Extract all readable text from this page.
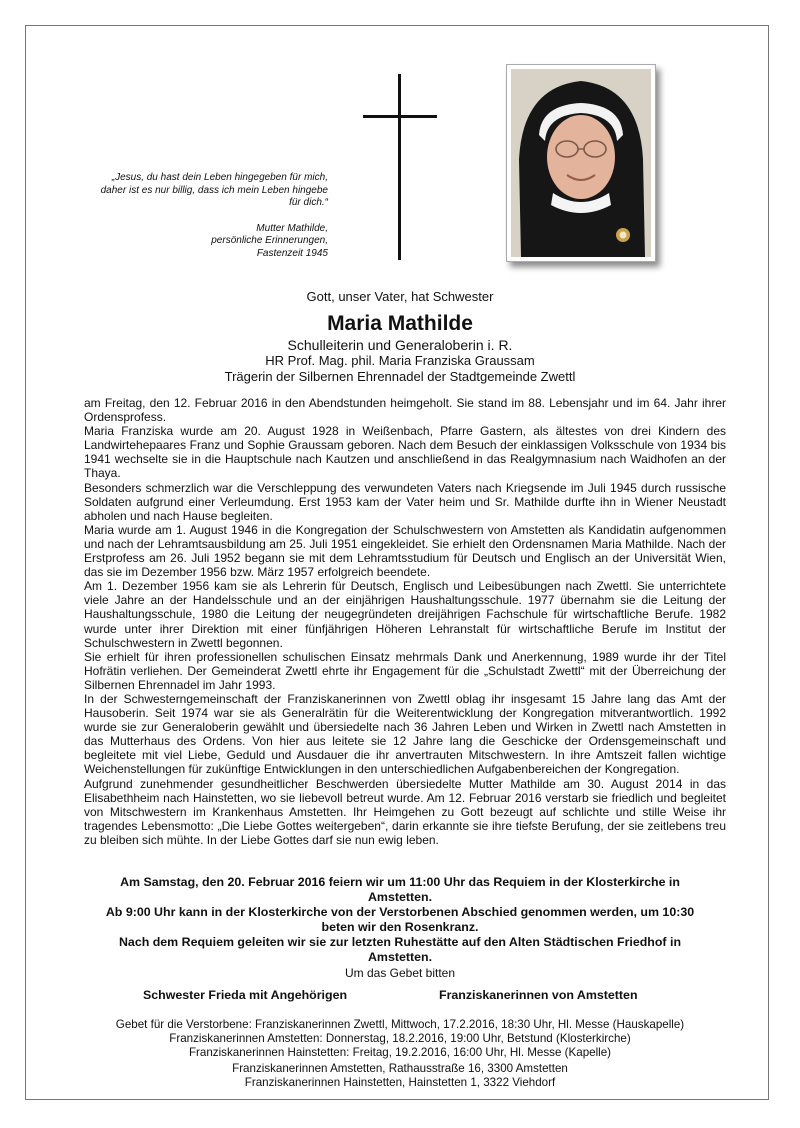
„Jesus, du hast dein Leben hingegeben für mich, daher ist es nur billig, dass ich mein Leben hingebe für dich.“
Mutter Mathilde,
persönliche Erinnerungen,
Fastenzeit 1945
Gott, unser Vater, hat Schwester
Maria Mathilde
Schulleiterin und Generaloberin i. R.
HR Prof. Mag. phil. Maria Franziska Graussam
Trägerin der Silbernen Ehrennadel der Stadtgemeinde Zwettl

am Freitag, den 12. Februar 2016 in den Abendstunden heimgeholt. Sie stand im 88. Lebensjahr und im 64. Jahr ihrer Ordensprofess.

Maria Franziska wurde am 20. August 1928 in Weißenbach, Pfarre Gastern, als ältestes von drei Kindern des Landwirtehepaares Franz und Sophie Graussam geboren. Nach dem Besuch der einklassigen Volksschule von 1934 bis 1941 wechselte sie in die Hauptschule nach Kautzen und anschließend in das Realgymnasium nach Waidhofen an der Thaya.

Besonders schmerzlich war die Verschleppung des verwundeten Vaters nach Kriegsende im Juli 1945 durch russische Soldaten aufgrund einer Verleumdung. Erst 1953 kam der Vater heim und Sr. Mathilde durfte ihn in Wiener Neustadt abholen und nach Hause begleiten.

Maria wurde am 1. August 1946 in die Kongregation der Schulschwestern von Amstetten als Kandidatin aufgenommen und nach der Lehramtsausbildung am 25. Juli 1951 eingekleidet. Sie erhielt den Ordensnamen Maria Mathilde. Nach der Erstprofess am 26. Juli 1952 begann sie mit dem Lehramtsstudium für Deutsch und Englisch an der Universität Wien, das sie im Dezember 1956 bzw. März 1957 erfolgreich beendete.

Am 1. Dezember 1956 kam sie als Lehrerin für Deutsch, Englisch und Leibesübungen nach Zwettl. Sie unterrichtete viele Jahre an der Handelsschule und an der einjährigen Haushaltungsschule. 1977 übernahm sie die Leitung der Haushaltungsschule, 1980 die Leitung der neugegründeten dreijährigen Fachschule für wirtschaftliche Berufe. 1982 wurde unter ihrer Direktion mit einer fünfjährigen Höheren Lehranstalt für wirtschaftliche Berufe im Institut der Schulschwestern in Zwettl begonnen.

Sie erhielt für ihren professionellen schulischen Einsatz mehrmals Dank und Anerkennung, 1989 wurde ihr der Titel Hofrätin verliehen. Der Gemeinderat Zwettl ehrte ihr Engagement für die „Schulstadt Zwettl“ mit der Überreichung der Silbernen Ehrennadel im Jahr 1993.

In der Schwesterngemeinschaft der Franziskanerinnen von Zwettl oblag ihr insgesamt 15 Jahre lang das Amt der Hausoberin. Seit 1974 war sie als Generalrätin für die Weiterentwicklung der Kongregation mitverantwortlich. 1992 wurde sie zur Generaloberin gewählt und übersiedelte nach 36 Jahren Leben und Wirken in Zwettl nach Amstetten in das Mutterhaus des Ordens. Von hier aus leitete sie 12 Jahre lang die Geschicke der Ordensgemeinschaft und begleitete mit viel Liebe, Geduld und Ausdauer die ihr anvertrauten Mitschwestern. In ihre Amtszeit fallen wichtige Weichenstellungen für zukünftige Entwicklungen in den unterschiedlichen Aufgabenbereichen der Kongregation.

Aufgrund zunehmender gesundheitlicher Beschwerden übersiedelte Mutter Mathilde am 30. August 2014 in das Elisabethheim nach Hainstetten, wo sie liebevoll betreut wurde. Am 12. Februar 2016 verstarb sie friedlich und begleitet von Mitschwestern im Krankenhaus Amstetten. Ihr Heimgehen zu Gott bezeugt auf schlichte und stille Weise ihr tragendes Lebensmotto: „Die Liebe Gottes weitergeben“, darin erkannte sie ihre tiefste Berufung, der sie zeitlebens treu zu bleiben sich mühte. In der Liebe Gottes darf sie nun ewig leben.

Am Samstag, den 20. Februar 2016 feiern wir um 11:00 Uhr das Requiem in der Klosterkirche in Amstetten.

Ab 9:00 Uhr kann in der Klosterkirche von der Verstorbenen Abschied genommen werden, um 10:30 beten wir den Rosenkranz.

Nach dem Requiem geleiten wir sie zur letzten Ruhestätte auf den Alten Städtischen Friedhof in Amstetten.

Um das Gebet bitten
Schwester Frieda mit Angehörigen	Franziskanerinnen von Amstetten
Gebet für die Verstorbene: Franziskanerinnen Zwettl, Mittwoch, 17.2.2016, 18:30 Uhr, Hl. Messe (Hauskapelle)
Franziskanerinnen Amstetten: Donnerstag, 18.2.2016, 19:00 Uhr, Betstund (Klosterkirche)
Franziskanerinnen Hainstetten: Freitag, 19.2.2016, 16:00 Uhr, Hl. Messe (Kapelle)
Franziskanerinnen Amstetten, Rathausstraße 16, 3300 Amstetten
Franziskanerinnen Hainstetten, Hainstetten 1, 3322 Viehdorf
